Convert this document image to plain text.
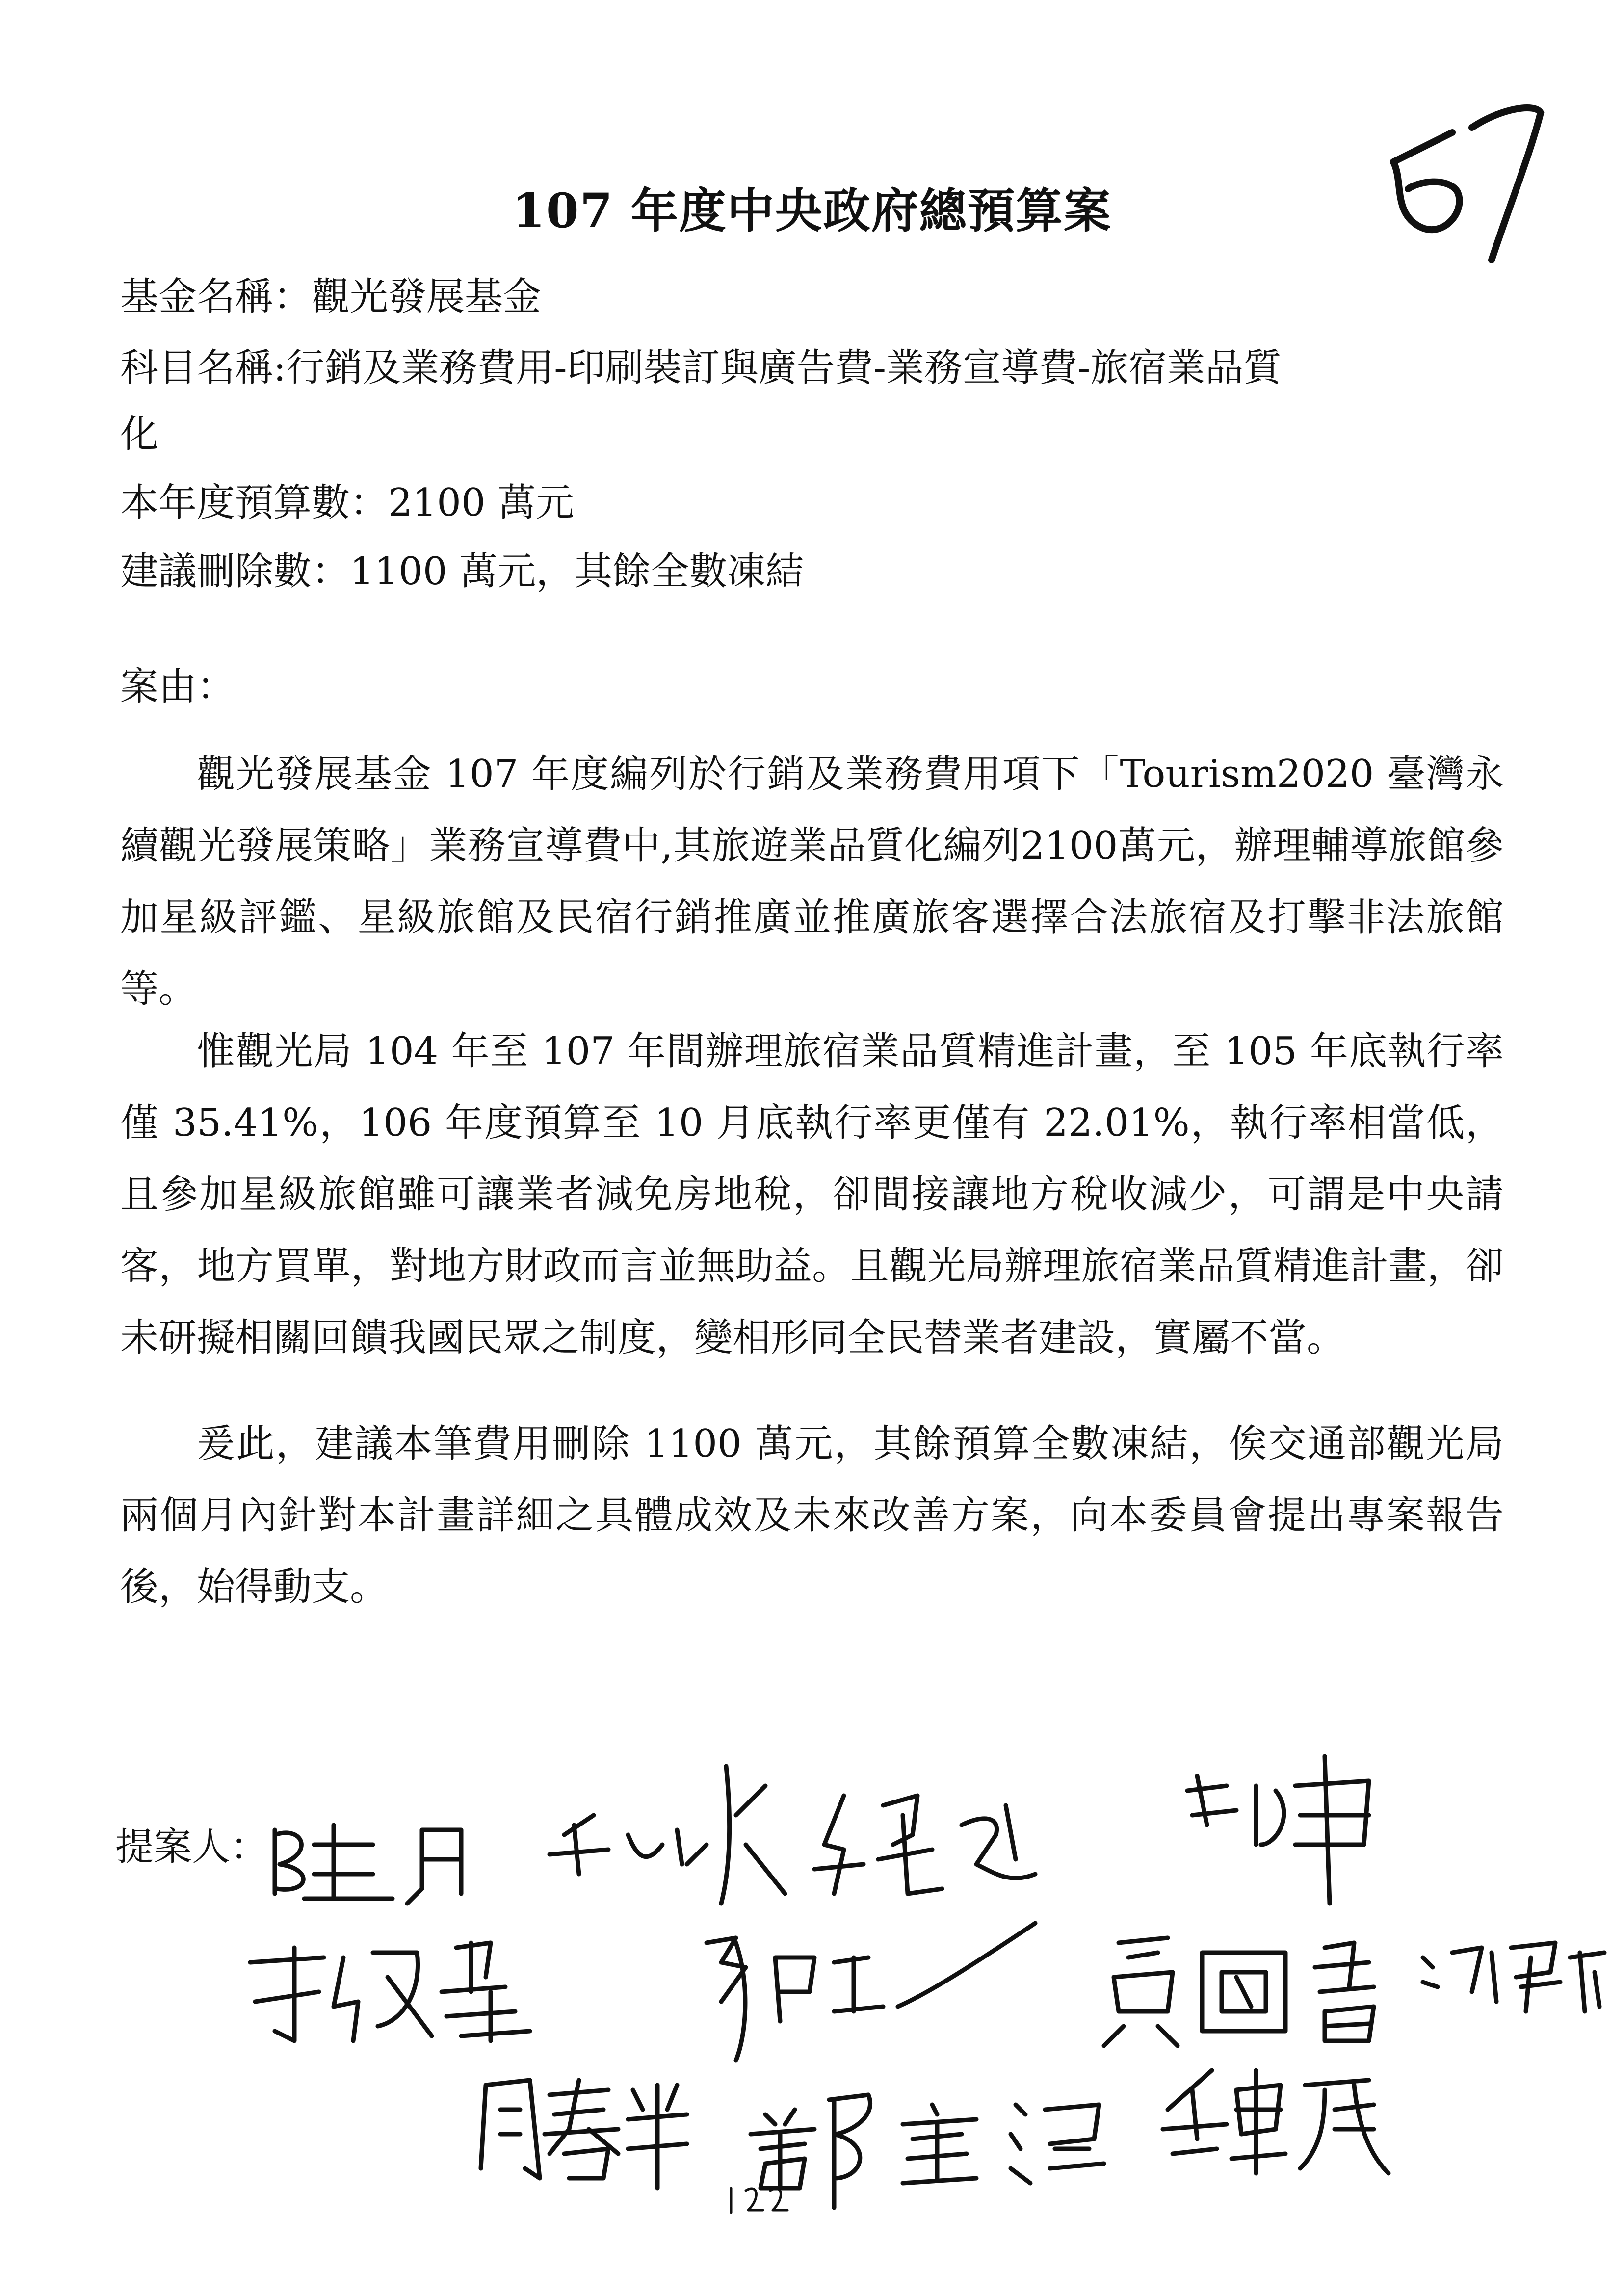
107 年度中央政府總預算案
基金名稱：觀光發展基金
科目名稱:行銷及業務費用-印刷裝訂與廣告費-業務宣導費-旅宿業品質
化
本年度預算數：2100 萬元
建議刪除數：1100 萬元，其餘全數凍結
案由：
觀光發展基金 107 年度編列於行銷及業務費用項下「Tourism2020 臺灣永續觀光發展策略」業務宣導費中,其旅遊業品質化編列2100萬元，辦理輔導旅館參加星級評鑑、星級旅館及民宿行銷推廣並推廣旅客選擇合法旅宿及打擊非法旅館等。
惟觀光局 104 年至 107 年間辦理旅宿業品質精進計畫，至 105 年底執行率僅 35.41%，106 年度預算至 10 月底執行率更僅有 22.01%，執行率相當低，且參加星級旅館雖可讓業者減免房地稅，卻間接讓地方稅收減少，可謂是中央請客，地方買單，對地方財政而言並無助益。且觀光局辦理旅宿業品質精進計畫，卻未研擬相關回饋我國民眾之制度，變相形同全民替業者建設，實屬不當。
爰此，建議本筆費用刪除 1100 萬元，其餘預算全數凍結，俟交通部觀光局兩個月內針對本計畫詳細之具體成效及未來改善方案，向本委員會提出專案報告後，始得動支。
提案人：
